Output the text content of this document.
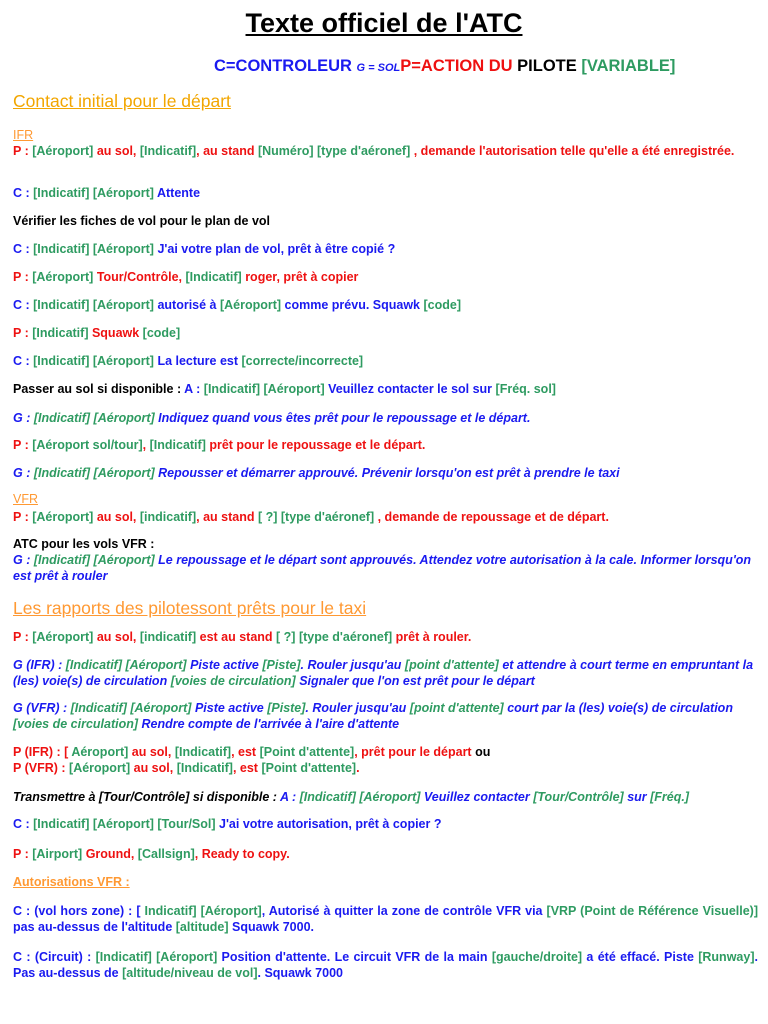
Texte officiel de l'ATC
C=CONTROLEUR G = SOLP=ACTION DU PILOTE [VARIABLE]
Contact initial pour le départ
IFR
P : [Aéroport] au sol, [Indicatif], au stand [Numéro] [type d'aéronef] , demande l'autorisation telle qu'elle a été enregistrée.
C : [Indicatif] [Aéroport] Attente
Vérifier les fiches de vol pour le plan de vol
C : [Indicatif] [Aéroport] J'ai votre plan de vol, prêt à être copié ?
P : [Aéroport] Tour/Contrôle, [Indicatif] roger, prêt à copier
C : [Indicatif] [Aéroport] autorisé à [Aéroport] comme prévu. Squawk [code]
P : [Indicatif] Squawk [code]
C : [Indicatif] [Aéroport] La lecture est [correcte/incorrecte]
Passer au sol si disponible : A : [Indicatif] [Aéroport] Veuillez contacter le sol sur [Fréq. sol]
G : [Indicatif] [Aéroport] Indiquez quand vous êtes prêt pour le repoussage et le départ.
P : [Aéroport sol/tour], [Indicatif] prêt pour le repoussage et le départ.
G : [Indicatif] [Aéroport] Repousser et démarrer approuvé. Prévenir lorsqu'on est prêt à prendre le taxi
VFR
P : [Aéroport] au sol, [indicatif], au stand [ ?] [type d'aéronef] , demande de repoussage et de départ.
ATC pour les vols VFR :
G : [Indicatif] [Aéroport] Le repoussage et le départ sont approuvés. Attendez votre autorisation à la cale. Informer lorsqu'on est prêt à rouler
Les rapports des pilotessont prêts pour le taxi
P : [Aéroport] au sol, [indicatif] est au stand [ ?] [type d'aéronef] prêt à rouler.
G (IFR) : [Indicatif] [Aéroport] Piste active [Piste]. Rouler jusqu'au [point d'attente] et attendre à court terme en empruntant la (les) voie(s) de circulation [voies de circulation] Signaler que l'on est prêt pour le départ
G (VFR) : [Indicatif] [Aéroport] Piste active [Piste]. Rouler jusqu'au [point d'attente] court par la (les) voie(s) de circulation [voies de circulation] Rendre compte de l'arrivée à l'aire d'attente
P (IFR) : [ Aéroport] au sol, [Indicatif], est [Point d'attente], prêt pour le départ ou
P (VFR) : [Aéroport] au sol, [Indicatif], est [Point d'attente].
Transmettre à [Tour/Contrôle] si disponible : A : [Indicatif] [Aéroport] Veuillez contacter [Tour/Contrôle] sur [Fréq.]
C : [Indicatif] [Aéroport] [Tour/Sol] J'ai votre autorisation, prêt à copier ?
P : [Airport] Ground, [Callsign], Ready to copy.
Autorisations VFR :
C : (vol hors zone) : [ Indicatif] [Aéroport], Autorisé à quitter la zone de contrôle VFR via [VRP (Point de Référence Visuelle)] pas au-dessus de l'altitude [altitude] Squawk 7000.
C : (Circuit) : [Indicatif] [Aéroport] Position d'attente. Le circuit VFR de la main [gauche/droite] a été effacé. Piste [Runway]. Pas au-dessus de [altitude/niveau de vol]. Squawk 7000
